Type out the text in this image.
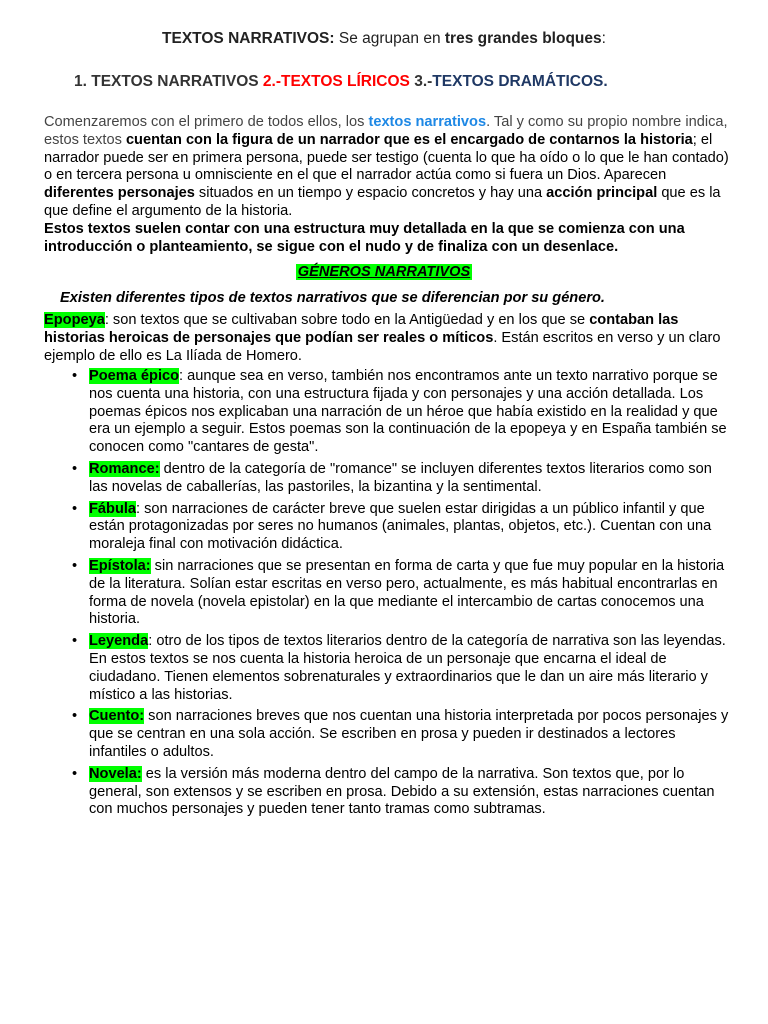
TEXTOS NARRATIVOS: Se agrupan en tres grandes bloques:
1. TEXTOS NARRATIVOS 2.-TEXTOS LÍRICOS 3.-TEXTOS DRAMÁTICOS.
Comenzaremos con el primero de todos ellos, los textos narrativos. Tal y como su propio nombre indica, estos textos cuentan con la figura de un narrador que es el encargado de contarnos la historia; el narrador puede ser en primera persona, puede ser testigo (cuenta lo que ha oído o lo que le han contado) o en tercera persona u omnisciente en el que el narrador actúa como si fuera un Dios. Aparecen diferentes personajes situados en un tiempo y espacio concretos y hay una acción principal que es la que define el argumento de la historia.
Estos textos suelen contar con una estructura muy detallada en la que se comienza con una introducción o planteamiento, se sigue con el nudo y de finaliza con un desenlace.
GÉNEROS NARRATIVOS
Existen diferentes tipos de textos narrativos que se diferencian por su género.
Epopeya: son textos que se cultivaban sobre todo en la Antigüedad y en los que se contaban las historias heroicas de personajes que podían ser reales o míticos. Están escritos en verso y un claro ejemplo de ello es La Ilíada de Homero.
• Poema épico: aunque sea en verso, también nos encontramos ante un texto narrativo porque se nos cuenta una historia, con una estructura fijada y con personajes y una acción detallada. Los poemas épicos nos explicaban una narración de un héroe que había existido en la realidad y que era un ejemplo a seguir. Estos poemas son la continuación de la epopeya y en España también se conocen como "cantares de gesta".
• Romance: dentro de la categoría de "romance" se incluyen diferentes textos literarios como son las novelas de caballerías, las pastoriles, la bizantina y la sentimental.
• Fábula: son narraciones de carácter breve que suelen estar dirigidas a un público infantil y que están protagonizadas por seres no humanos (animales, plantas, objetos, etc.). Cuentan con una moraleja final con motivación didáctica.
• Epístola: sin narraciones que se presentan en forma de carta y que fue muy popular en la historia de la literatura. Solían estar escritas en verso pero, actualmente, es más habitual encontrarlas en forma de novela (novela epistolar) en la que mediante el intercambio de cartas conocemos una historia.
• Leyenda: otro de los tipos de textos literarios dentro de la categoría de narrativa son las leyendas. En estos textos se nos cuenta la historia heroica de un personaje que encarna el ideal de ciudadano. Tienen elementos sobrenaturales y extraordinarios que le dan un aire más literario y místico a las historias.
• Cuento: son narraciones breves que nos cuentan una historia interpretada por pocos personajes y que se centran en una sola acción. Se escriben en prosa y pueden ir destinados a lectores infantiles o adultos.
• Novela: es la versión más moderna dentro del campo de la narrativa. Son textos que, por lo general, son extensos y se escriben en prosa. Debido a su extensión, estas narraciones cuentan con muchos personajes y pueden tener tanto tramas como subtramas.
